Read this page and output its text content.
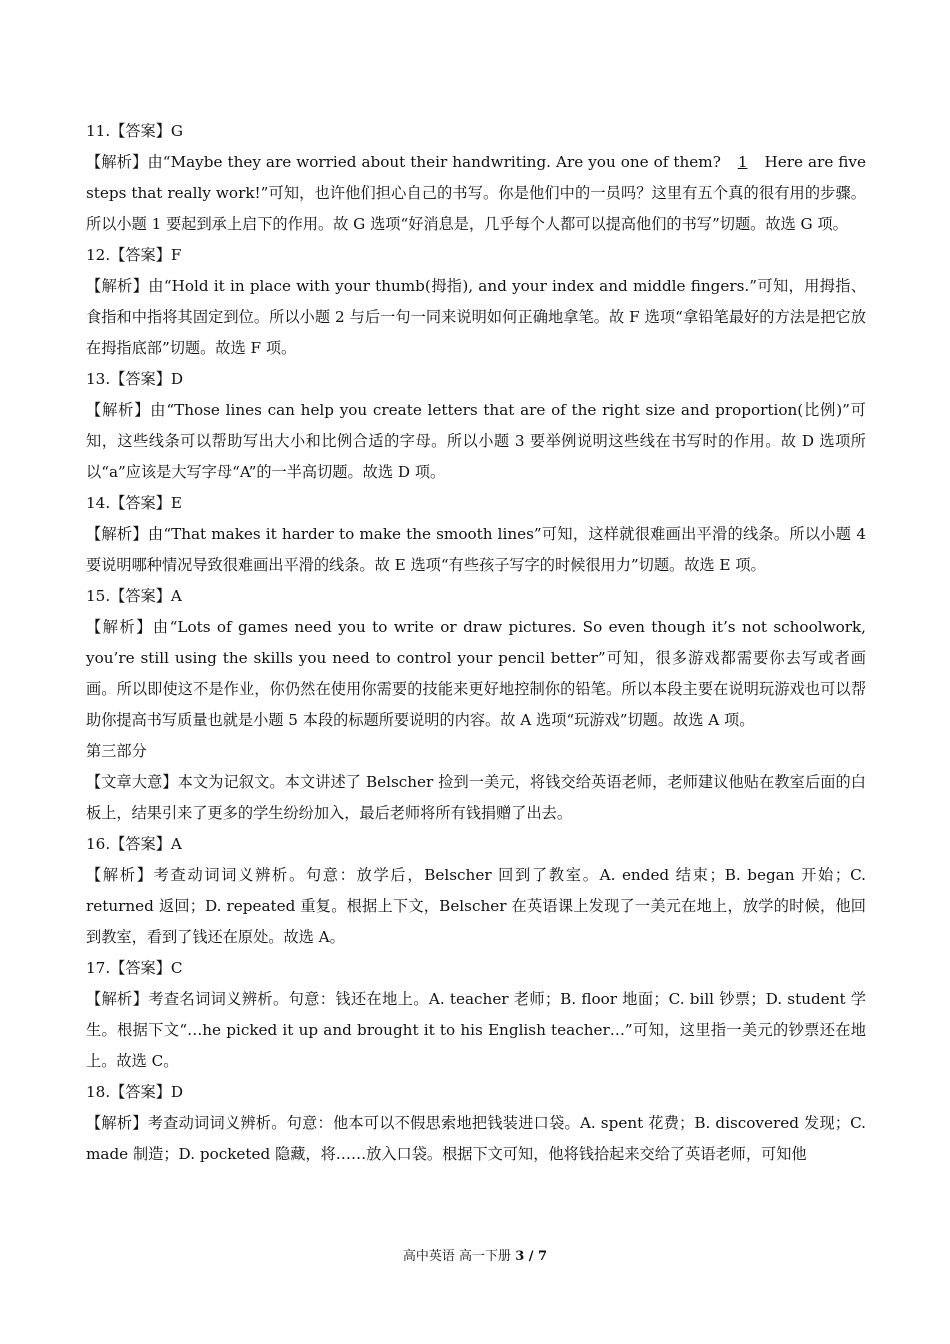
11.【答案】G

【解析】由“Maybe they are worried about their handwriting. Are you one of them? 1 Here are five steps that really work!”可知，也许他们担心自己的书写。你是他们中的一员吗？这里有五个真的很有用的步骤。所以小题 1 要起到承上启下的作用。故 G 选项“好消息是，几乎每个人都可以提高他们的书写”切题。故选 G 项。

12.【答案】F

【解析】由“Hold it in place with your thumb(拇指), and your index and middle fingers.”可知，用拇指、食指和中指将其固定到位。所以小题 2 与后一句一同来说明如何正确地拿笔。故 F 选项“拿铅笔最好的方法是把它放在拇指底部”切题。故选 F 项。

13.【答案】D

【解析】由“Those lines can help you create letters that are of the right size and proportion(比例)”可知，这些线条可以帮助写出大小和比例合适的字母。所以小题 3 要举例说明这些线在书写时的作用。故 D 选项所以“a”应该是大写字母“A”的一半高切题。故选 D 项。

14.【答案】E

【解析】由“That makes it harder to make the smooth lines”可知，这样就很难画出平滑的线条。所以小题 4 要说明哪种情况导致很难画出平滑的线条。故 E 选项“有些孩子写字的时候很用力”切题。故选 E 项。

15.【答案】A

【解析】由“Lots of games need you to write or draw pictures. So even though it’s not schoolwork, you’re still using the skills you need to control your pencil better”可知，很多游戏都需要你去写或者画画。所以即使这不是作业，你仍然在使用你需要的技能来更好地控制你的铅笔。所以本段主要在说明玩游戏也可以帮助你提高书写质量也就是小题 5 本段的标题所要说明的内容。故 A 选项“玩游戏”切题。故选 A 项。

第三部分

【文章大意】本文为记叙文。本文讲述了 Belscher 捡到一美元，将钱交给英语老师，老师建议他贴在教室后面的白板上，结果引来了更多的学生纷纷加入，最后老师将所有钱捐赠了出去。

16.【答案】A

【解析】考查动词词义辨析。句意：放学后，Belscher 回到了教室。A. ended 结束；B. began 开始；C. returned 返回；D. repeated 重复。根据上下文，Belscher 在英语课上发现了一美元在地上，放学的时候，他回到教室，看到了钱还在原处。故选 A。

17.【答案】C

【解析】考查名词词义辨析。句意：钱还在地上。A. teacher 老师；B. floor 地面；C. bill 钞票；D. student 学生。根据下文“…he picked it up and brought it to his English teacher…”可知，这里指一美元的钞票还在地上。故选 C。

18.【答案】D

【解析】考查动词词义辨析。句意：他本可以不假思索地把钱装进口袋。A. spent 花费；B. discovered 发现；C. made 制造；D. pocketed 隐藏，将……放入口袋。根据下文可知，他将钱拾起来交给了英语老师，可知他

高中英语 高一下册 3 / 7
